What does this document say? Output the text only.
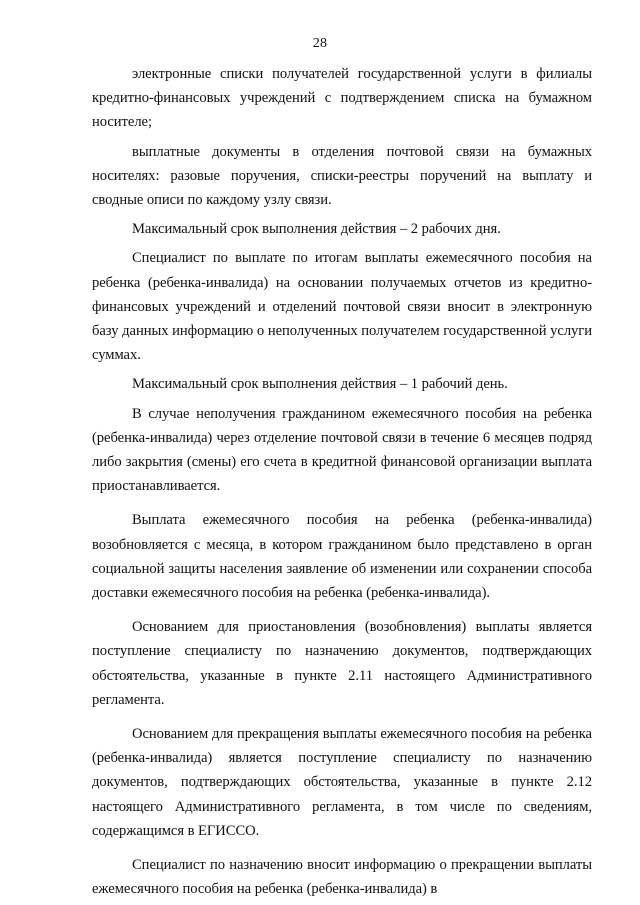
28

электронные списки получателей государственной услуги в филиалы кредитно-финансовых учреждений с подтверждением списка на бумажном носителе;

выплатные документы в отделения почтовой связи на бумажных носителях: разовые поручения, списки-реестры поручений на выплату и сводные описи по каждому узлу связи.

Максимальный срок выполнения действия – 2 рабочих дня.

Специалист по выплате по итогам выплаты ежемесячного пособия на ребенка (ребенка-инвалида) на основании получаемых отчетов из кредитно-финансовых учреждений и отделений почтовой связи вносит в электронную базу данных информацию о неполученных получателем государственной услуги суммах.

Максимальный срок выполнения действия – 1 рабочий день.

В случае неполучения гражданином ежемесячного пособия на ребенка (ребенка-инвалида) через отделение почтовой связи в течение 6 месяцев подряд либо закрытия (смены) его счета в кредитной финансовой организации выплата приостанавливается.

Выплата ежемесячного пособия на ребенка (ребенка-инвалида) возобновляется с месяца, в котором гражданином было представлено в орган социальной защиты населения заявление об изменении или сохранении способа доставки ежемесячного пособия на ребенка (ребенка-инвалида).

Основанием для приостановления (возобновления) выплаты является поступление специалисту по назначению документов, подтверждающих обстоятельства, указанные в пункте 2.11 настоящего Административного регламента.

Основанием для прекращения выплаты ежемесячного пособия на ребенка (ребенка-инвалида) является поступление специалисту по назначению документов, подтверждающих обстоятельства, указанные в пункте 2.12 настоящего Административного регламента, в том числе по сведениям, содержащимся в ЕГИССО.

Специалист по назначению вносит информацию о прекращении выплаты ежемесячного пособия на ребенка (ребенка-инвалида) в
